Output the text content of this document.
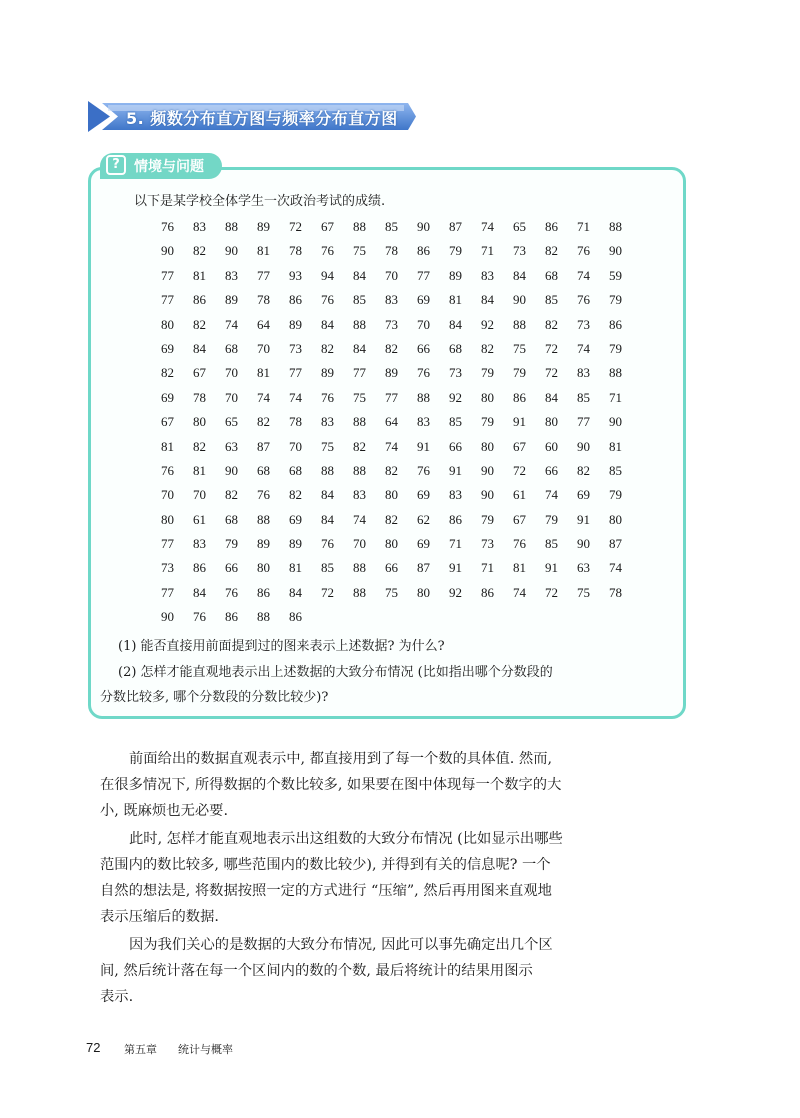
5. 频数分布直方图与频率分布直方图
?	情境与问题
以下是某学校全体学生一次政治考试的成绩.
76	83	88	89	72	67	88	85	90	87	74	65	86	71	88
90	82	90	81	78	76	75	78	86	79	71	73	82	76	90
77	81	83	77	93	94	84	70	77	89	83	84	68	74	59
77	86	89	78	86	76	85	83	69	81	84	90	85	76	79
80	82	74	64	89	84	88	73	70	84	92	88	82	73	86
69	84	68	70	73	82	84	82	66	68	82	75	72	74	79
82	67	70	81	77	89	77	89	76	73	79	79	72	83	88
69	78	70	74	74	76	75	77	88	92	80	86	84	85	71
67	80	65	82	78	83	88	64	83	85	79	91	80	77	90
81	82	63	87	70	75	82	74	91	66	80	67	60	90	81
76	81	90	68	68	88	88	82	76	91	90	72	66	82	85
70	70	82	76	82	84	83	80	69	83	90	61	74	69	79
80	61	68	88	69	84	74	82	62	86	79	67	79	91	80
77	83	79	89	89	76	70	80	69	71	73	76	85	90	87
73	86	66	80	81	85	88	66	87	91	71	81	91	63	74
77	84	76	86	84	72	88	75	80	92	86	74	72	75	78
90	76	86	88	86
(1) 能否直接用前面提到过的图来表示上述数据? 为什么?
(2) 怎样才能直观地表示出上述数据的大致分布情况 (比如指出哪个分数段的
分数比较多, 哪个分数段的分数比较少)?
前面给出的数据直观表示中, 都直接用到了每一个数的具体值. 然而,
在很多情况下, 所得数据的个数比较多, 如果要在图中体现每一个数字的大
小, 既麻烦也无必要.
此时, 怎样才能直观地表示出这组数的大致分布情况 (比如显示出哪些
范围内的数比较多, 哪些范围内的数比较少), 并得到有关的信息呢? 一个
自然的想法是, 将数据按照一定的方式进行 “压缩”, 然后再用图来直观地
表示压缩后的数据.
因为我们关心的是数据的大致分布情况, 因此可以事先确定出几个区
间, 然后统计落在每一个区间内的数的个数, 最后将统计的结果用图示
表示.
72 第五章 统计与概率
